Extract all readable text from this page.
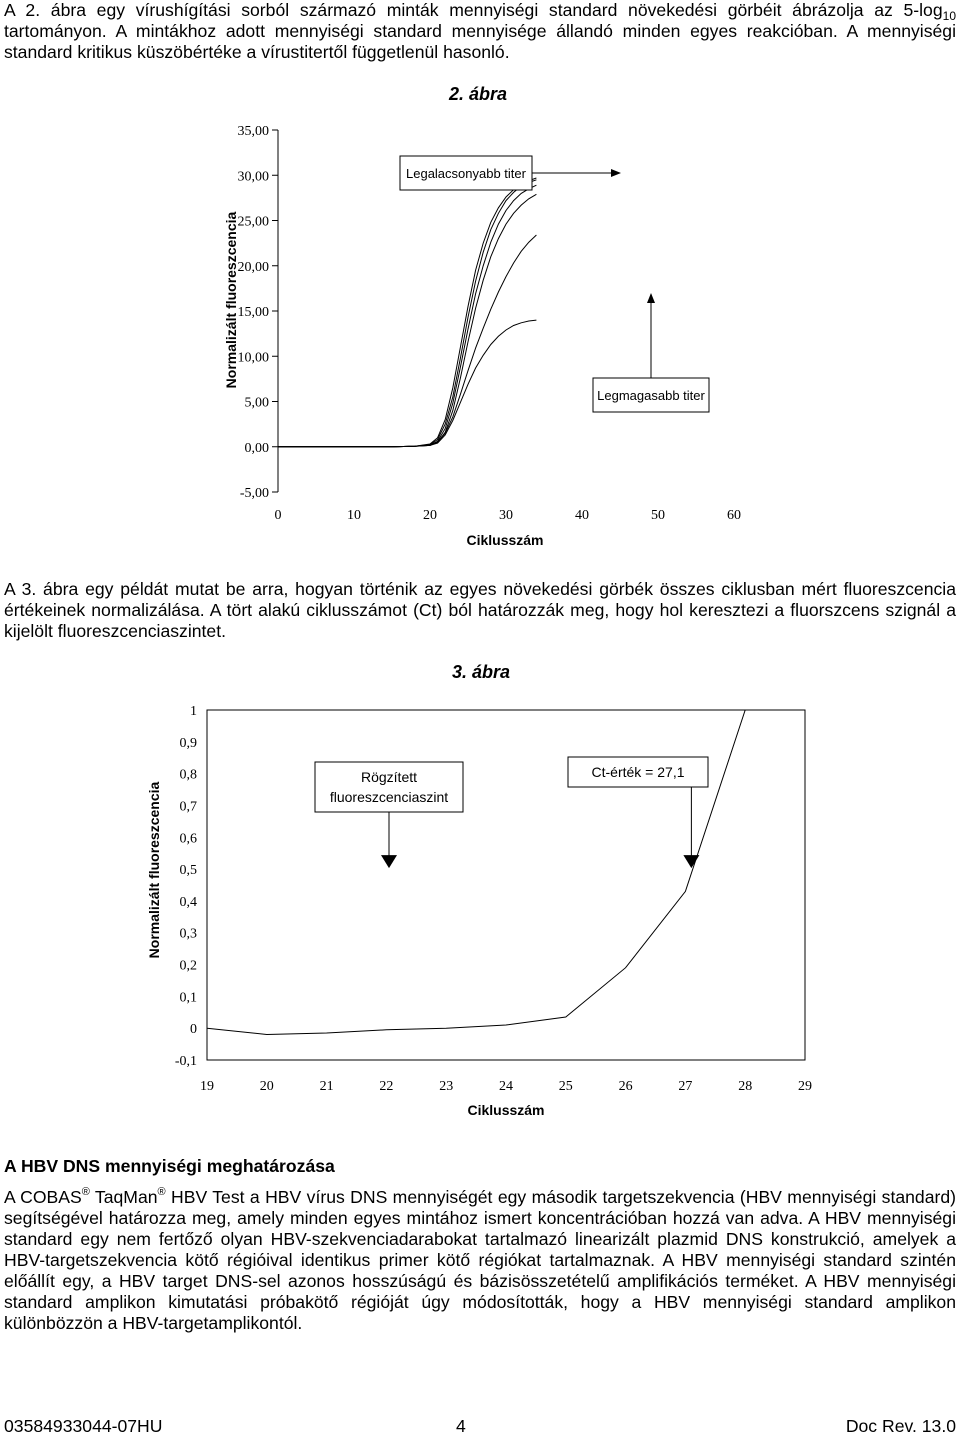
A 2. ábra egy vírushígítási sorból származó minták mennyiségi standard növekedési görbéit ábrázolja az $5-\log_{10}$ tartományon. A mintákhoz adott mennyiségi standard mennyisége állandó minden egyes reakcióban. A mennyiségi standard kritikus küszöbértéke a vírustitertől függetlenül hasonló.

2. ábra
-5,00
0,00
5,00
10,00
15,00
20,00
25,00
30,00
35,00
0	10	20	30	40	50	60
Ciklusszám
Normalizált fluoreszcencia
Legalacsonyabb titer
Legmagasabb titer

A 3. ábra egy példát mutat be arra, hogyan történik az egyes növekedési görbék összes ciklusban mért fluoreszcencia értékeinek normalizálása. A tört alakú ciklusszámot (Ct) ból határozzák meg, hogy hol keresztezi a fluorszcens szignál a kijelölt fluoreszcenciaszintet.

3. ábra
-0,1
0
0,1
0,2
0,3
0,4
0,5
0,6
0,7
0,8
0,9
1
19	20	21	22	23	24	25	26	27	28	29
Ciklusszám
Normalizált fluoreszcencia
Rögzített
fluoreszcenciaszint
Ct-érték = 27,1
A HBV DNS mennyiségi meghatározása

A COBAS® TaqMan® HBV Test a HBV vírus DNS mennyiségét egy második targetszekvencia (HBV mennyiségi standard) segítségével határozza meg, amely minden egyes mintához ismert koncentrációban hozzá van adva. A HBV mennyiségi standard egy nem fertőző olyan HBV-szekvenciadarabokat tartalmazó linearizált plazmid DNS konstrukció, amelyek a HBV-targetszekvencia kötő régióival identikus primer kötő régiókat tartalmaznak. A HBV mennyiségi standard szintén előállít egy, a HBV target DNS-sel azonos hosszúságú és bázisösszetételű amplifikációs terméket. A HBV mennyiségi standard amplikon kimutatási próbakötő régióját úgy módosították, hogy a HBV mennyiségi standard amplikon különbözzön a HBV-targetamplikontól.

03584933044-07HU	4	Doc Rev. 13.0
